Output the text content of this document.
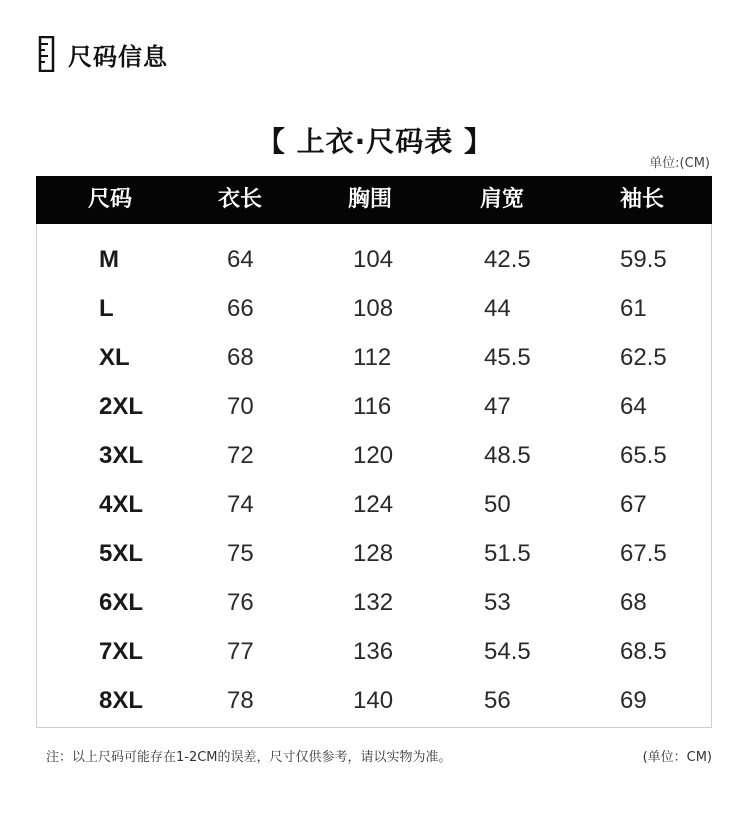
尺码信息
【 上衣·尺码表 】
单位:(CM)
尺码	衣长	胸围	肩宽	袖长
M	64	104	42.5	59.5
L	66	108	44	61
XL	68	112	45.5	62.5
2XL	70	116	47	64
3XL	72	120	48.5	65.5
4XL	74	124	50	67
5XL	75	128	51.5	67.5
6XL	76	132	53	68
7XL	77	136	54.5	68.5
8XL	78	140	56	69
注：以上尺码可能存在1-2CM的误差，尺寸仅供参考，请以实物为准。	(单位：CM)
